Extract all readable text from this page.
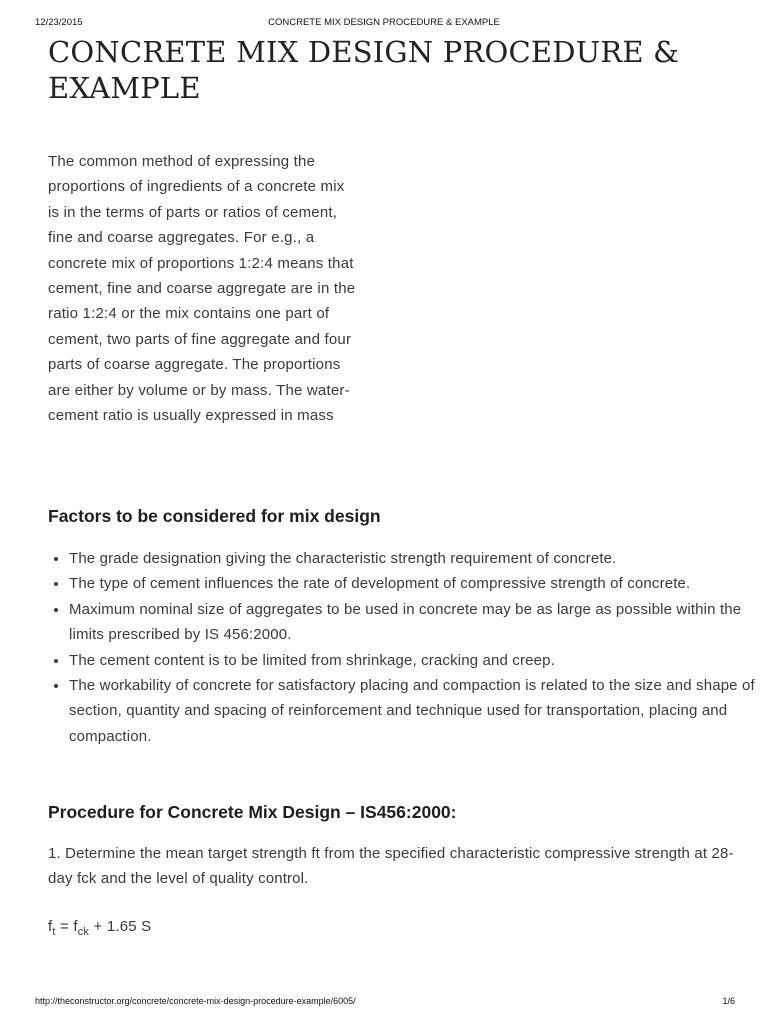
12/23/2015	CONCRETE MIX DESIGN PROCEDURE & EXAMPLE
CONCRETE MIX DESIGN PROCEDURE & EXAMPLE

The common method of expressing the proportions of ingredients of a concrete mix is in the terms of parts or ratios of cement, fine and coarse aggregates. For e.g., a concrete mix of proportions 1:2:4 means that cement, fine and coarse aggregate are in the ratio 1:2:4 or the mix contains one part of cement, two parts of fine aggregate and four parts of coarse aggregate. The proportions are either by volume or by mass. The water-cement ratio is usually expressed in mass

Factors to be considered for mix design
• The grade designation giving the characteristic strength requirement of concrete.
• The type of cement influences the rate of development of compressive strength of concrete.
• Maximum nominal size of aggregates to be used in concrete may be as large as possible within the limits prescribed by IS 456:2000.
• The cement content is to be limited from shrinkage, cracking and creep.
• The workability of concrete for satisfactory placing and compaction is related to the size and shape of section, quantity and spacing of reinforcement and technique used for transportation, placing and compaction.
Procedure for Concrete Mix Design – IS456:2000:

1. Determine the mean target strength ft from the specified characteristic compressive strength at 28-day fck and the level of quality control.

$f_t = f_{ck} + 1.65$ S

http://theconstructor.org/concrete/concrete-mix-design-procedure-example/6005/	1/6
